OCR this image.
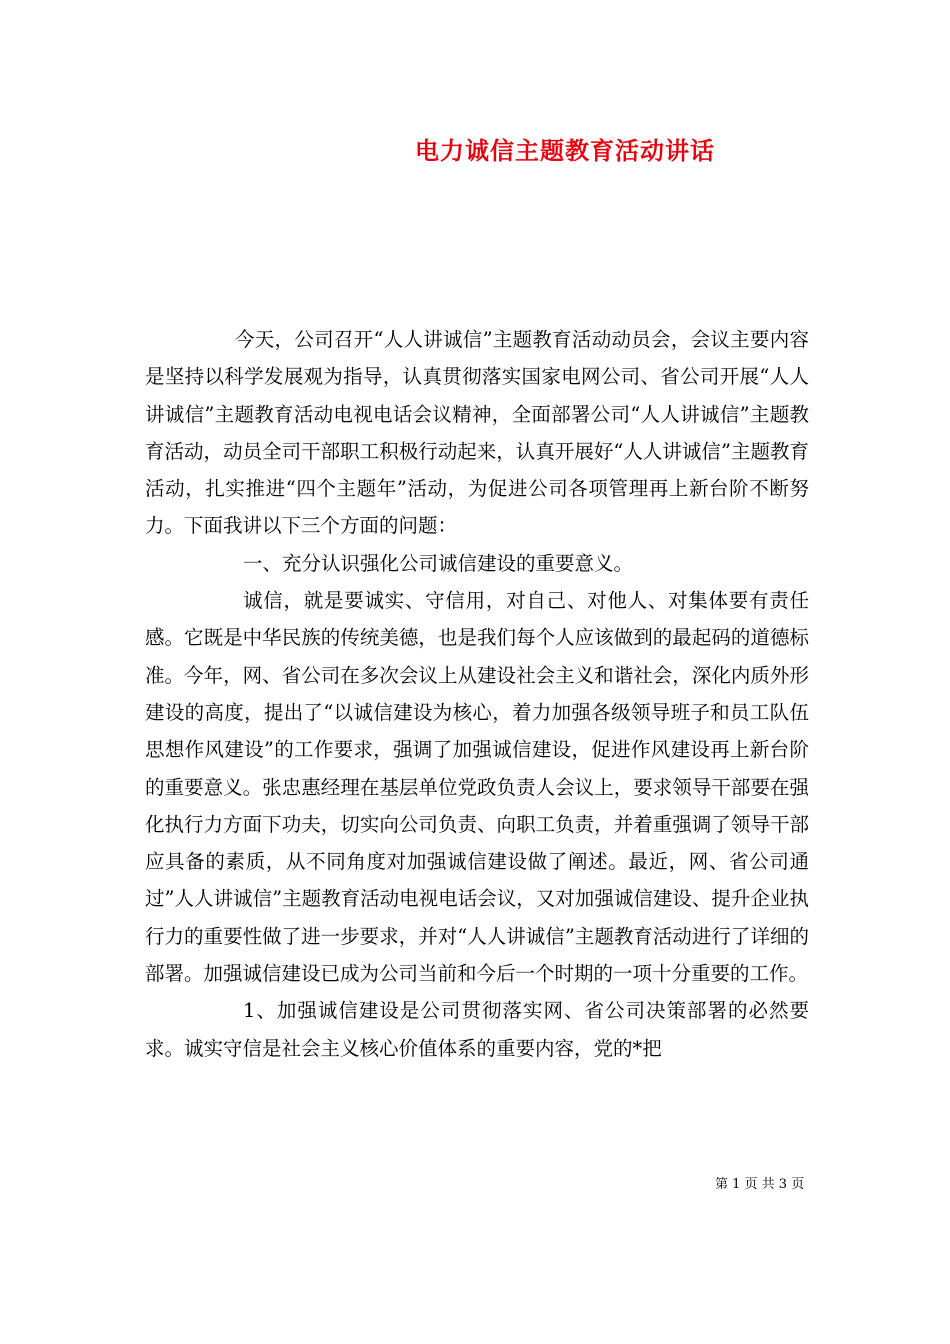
电力诚信主题教育活动讲话

今天，公司召开“人人讲诚信”主题教育活动动员会，会议主要内容是坚持以科学发展观为指导，认真贯彻落实国家电网公司、省公司开展“人人讲诚信”主题教育活动电视电话会议精神，全面部署公司“人人讲诚信”主题教育活动，动员全司干部职工积极行动起来，认真开展好“人人讲诚信”主题教育活动，扎实推进“四个主题年”活动，为促进公司各项管理再上新台阶不断努力。下面我讲以下三个方面的问题：

一、充分认识强化公司诚信建设的重要意义。

诚信，就是要诚实、守信用，对自己、对他人、对集体要有责任感。它既是中华民族的传统美德，也是我们每个人应该做到的最起码的道德标准。今年，网、省公司在多次会议上从建设社会主义和谐社会，深化内质外形建设的高度，提出了“以诚信建设为核心，着力加强各级领导班子和员工队伍思想作风建设”的工作要求，强调了加强诚信建设，促进作风建设再上新台阶的重要意义。张忠惠经理在基层单位党政负责人会议上，要求领导干部要在强化执行力方面下功夫，切实向公司负责、向职工负责，并着重强调了领导干部应具备的素质，从不同角度对加强诚信建设做了阐述。最近，网、省公司通过”人人讲诚信”主题教育活动电视电话会议，又对加强诚信建设、提升企业执行力的重要性做了进一步要求，并对“人人讲诚信”主题教育活动进行了详细的部署。加强诚信建设已成为公司当前和今后一个时期的一项十分重要的工作。

1、加强诚信建设是公司贯彻落实网、省公司决策部署的必然要求。诚实守信是社会主义核心价值体系的重要内容，党的*把

第 1 页 共 3 页
